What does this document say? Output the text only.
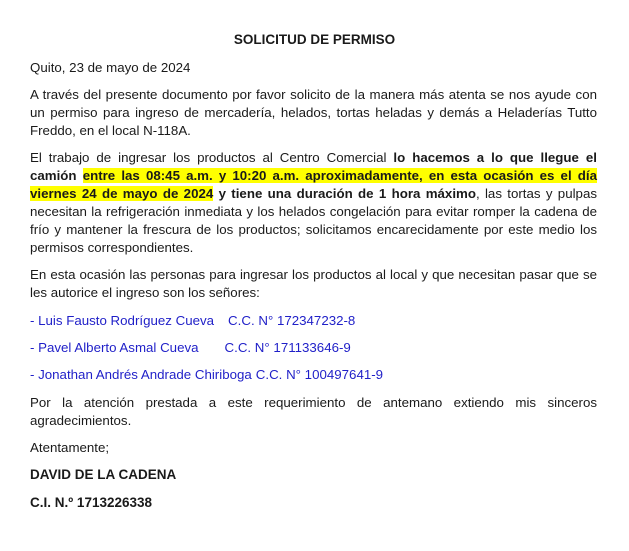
SOLICITUD DE PERMISO
Quito, 23 de mayo de 2024
A través del presente documento por favor solicito de la manera más atenta se nos ayude con un permiso para ingreso de mercadería, helados, tortas heladas y demás a Heladerías Tutto Freddo, en el local N-118A.
El trabajo de ingresar los productos al Centro Comercial lo hacemos a lo que llegue el camión entre las 08:45 a.m. y 10:20 a.m. aproximadamente, en esta ocasión es el día viernes 24 de mayo de 2024 y tiene una duración de 1 hora máximo, las tortas y pulpas necesitan la refrigeración inmediata y los helados congelación para evitar romper la cadena de frío y mantener la frescura de los productos; solicitamos encarecidamente por este medio los permisos correspondientes.
En esta ocasión las personas para ingresar los productos al local y que necesitan pasar que se les autorice el ingreso son los señores:
- Luis Fausto Rodríguez Cueva C.C. N° 172347232-8
- Pavel Alberto Asmal Cueva C.C. N° 171133646-9
- Jonathan Andrés Andrade Chiriboga C.C. N° 100497641-9
Por la atención prestada a este requerimiento de antemano extiendo mis sinceros agradecimientos.
Atentamente;
DAVID DE LA CADENA
C.I. N.º 1713226338
